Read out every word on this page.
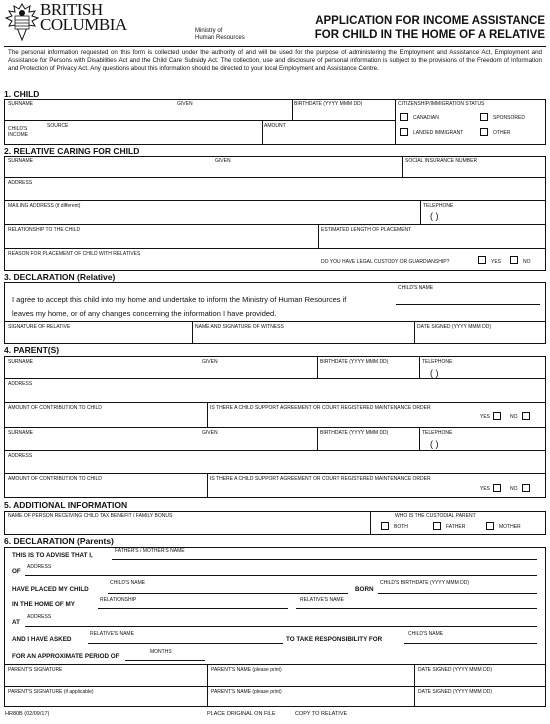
BRITISH
COLUMBIA	Ministry of
Human Resources
APPLICATION FOR INCOME ASSISTANCE
FOR CHILD IN THE HOME OF A RELATIVE
The personal information requested on this form is collected under the authority of and will be used for the purpose of administering the Employment and Assistance Act, Employment and Assistance for Persons with Disabilities Act and the Child Care Subsidy Act. The collection, use and disclosure of personal information is subject to the provisions of the Freedom of Information and Protection of Privacy Act. Any questions about this information should be directed to your local Employment and Assistance Centre.
1. CHILD
SURNAME	GIVEN	BIRTHDATE (YYYY MMM DD)	CITIZENSHIP/IMMIGRATION STATUS
CANADIAN	SPONSORED
LANDED IMMIGRANT	OTHER
CHILD'S
INCOME
SOURCE	AMOUNT
2. RELATIVE CARING FOR CHILD
SURNAME	GIVEN	SOCIAL INSURANCE NUMBER
ADDRESS
MAILING ADDRESS (if different)	TELEPHONE
( )
RELATIONSHIP TO THE CHILD	ESTIMATED LENGTH OF PLACEMENT
REASON FOR PLACEMENT OF CHILD WITH RELATIVES
DO YOU HAVE LEGAL CUSTODY OR GUARDIANSHIP?	YES	NO
3. DECLARATION (Relative)
CHILD'S NAME
I agree to accept this child into my home and undertake to inform the Ministry of Human Resources if
leaves my home, or of any changes concerning the information I have provided.
SIGNATURE OF RELATIVE	NAME AND SIGNATURE OF WITNESS	DATE SIGNED (YYYY MMM DD)
4. PARENT(S)
SURNAME	GIVEN	BIRTHDATE (YYYY MMM DD)	TELEPHONE
( )
ADDRESS
AMOUNT OF CONTRIBUTION TO CHILD	IS THERE A CHILD SUPPORT AGREEMENT OR COURT REGISTERED MAINTENANCE ORDER
YES	NO
SURNAME	GIVEN	BIRTHDATE (YYYY MMM DD)	TELEPHONE
( )
ADDRESS
AMOUNT OF CONTRIBUTION TO CHILD	IS THERE A CHILD SUPPORT AGREEMENT OR COURT REGISTERED MAINTENANCE ORDER
YES	NO
5. ADDITIONAL INFORMATION
NAME OF PERSON RECEIVING CHILD TAX BENEFIT / FAMILY BONUS	WHO IS THE CUSTODIAL PARENT
BOTH	FATHER	MOTHER
6. DECLARATION (Parents)
THIS IS TO ADVISE THAT I,
FATHER'S / MOTHER'S NAME
OF
ADDRESS
HAVE PLACED MY CHILD
CHILD'S NAME
BORN
CHILD'S BIRTHDATE (YYYY MMM DD)
IN THE HOME OF MY
RELATIONSHIP	RELATIVE'S NAME
AT
ADDRESS
AND I HAVE ASKED
RELATIVE'S NAME
TO TAKE RESPONSIBILITY FOR
CHILD'S NAME
FOR AN APPROXIMATE PERIOD OF
MONTHS
PARENT'S SIGNATURE	PARENT'S NAME (please print)	DATE SIGNED (YYYY MMM DD)
PARENT'S SIGNATURE (if applicable)	PARENT'S NAME (please print)	DATE SIGNED (YYYY MMM DD)
HR80B (02/09/17)	PLACE ORIGINAL ON FILE	COPY TO RELATIVE
